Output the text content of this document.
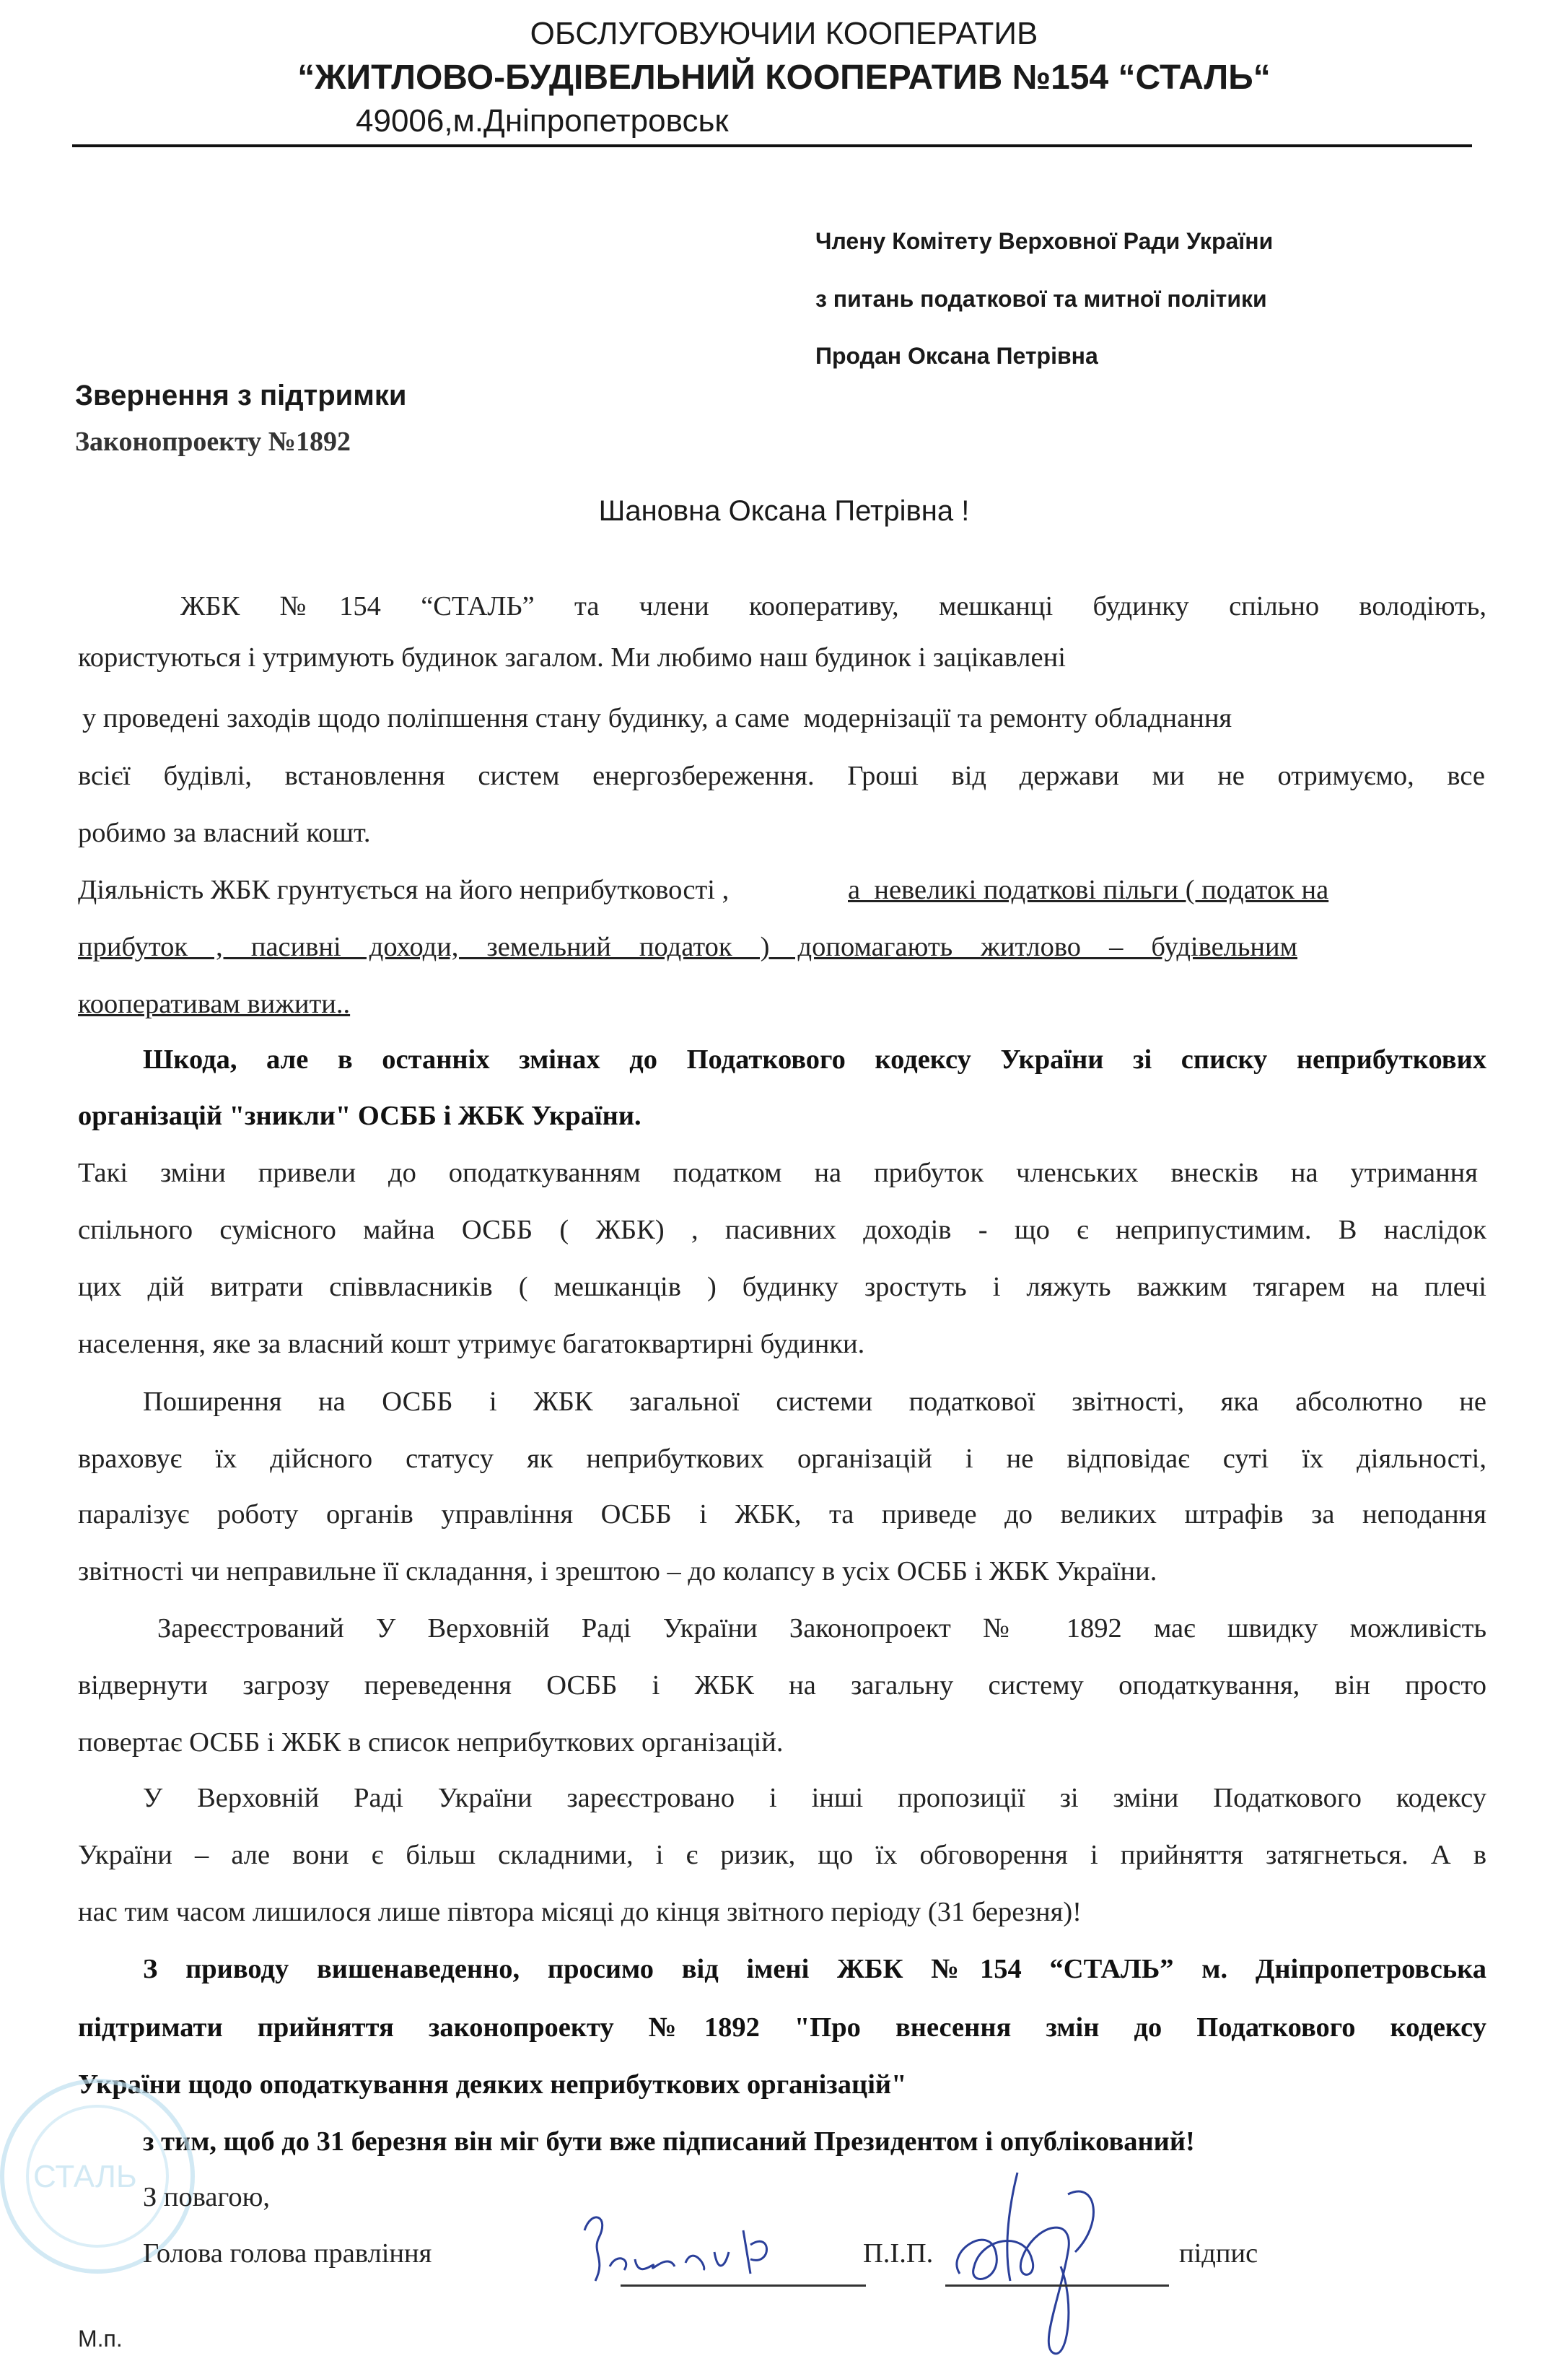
ОБСЛУГОВУЮЧИИ КООПЕРАТИВ
“ЖИТЛОВО-БУДІВЕЛЬНИЙ КООПЕРАТИВ №154 “СТАЛЬ“
49006,м.Дніпропетровськ
Члену Комітету Верховної Ради України
з питань податкової та митної політики
Продан Оксана Петрівна
Звернення з підтримки
Законопроекту №1892
Шановна Оксана Петрівна !
ЖБК №154 “СТАЛЬ” та члени кооперативу, мешканці будинку спільно володіють,
користуються і утримують будинок загалом. Ми любимо наш будинок і зацікавлені
у проведені заходів щодо поліпшення стану будинку, а саме  модернізації та ремонту обладнання
всієї будівлі, встановлення систем енергозбереження. Гроші від держави ми не отримуємо, все
робимо за власний кошт.
Діяльність ЖБК грунтується на його неприбутковості ,	а  невеликі податкові пільги ( податок на
прибуток , пасивні доходи, земельний податок ) допомагають житлово – будівельним
кооперативам вижити..
Шкода, але в останніх змінах до Податкового кодексу України зі списку неприбуткових
організацій "зникли" ОСББ і ЖБК України.
Такі зміни привели до оподаткуванням податком на прибуток членських внесків на утримання
спільного сумісного майна ОСББ ( ЖБК) , пасивних доходів - що є неприпустимим. В наслідок
цих дій витрати співвласників ( мешканців ) будинку зростуть і ляжуть важким тягарем на плечі
населення, яке за власний кошт утримує багатоквартирні будинки.
Поширення на ОСББ і ЖБК загальної системи податкової звітності, яка абсолютно не
враховує їх дійсного статусу як неприбуткових організацій і не відповідає суті їх діяльності,
паралізує роботу органів управління ОСББ і ЖБК, та приведе до великих штрафів за неподання
звітності чи неправильне її складання, і зрештою – до колапсу в усіх ОСББ і ЖБК України.
Зареєстрований У Верховній Раді України Законопроект № 1892 має швидку можливість
відвернути загрозу переведення ОСББ і ЖБК на загальну систему оподаткування, він просто
повертає ОСББ і ЖБК в список неприбуткових організацій.
У Верховній Раді України зареєстровано і інші пропозиції зі зміни Податкового кодексу
України – але вони є більш складними, і є ризик, що їх обговорення і прийняття затягнеться. А в
нас тим часом лишилося лише півтора місяці до кінця звітного періоду (31 березня)!
З приводу вишенаведенно, просимо від імені ЖБК №154 “СТАЛЬ” м. Дніпропетровська
підтримати прийняття законопроекту №1892 "Про внесення змін до Податкового кодексу
України щодо оподаткування деяких неприбуткових організацій"
з тим, щоб до 31 березня він міг бути вже підписаний Президентом і опублікований!
СТАЛЬ
З повагою,
Голова голова правління	П.І.П.	підпис
М.п.
